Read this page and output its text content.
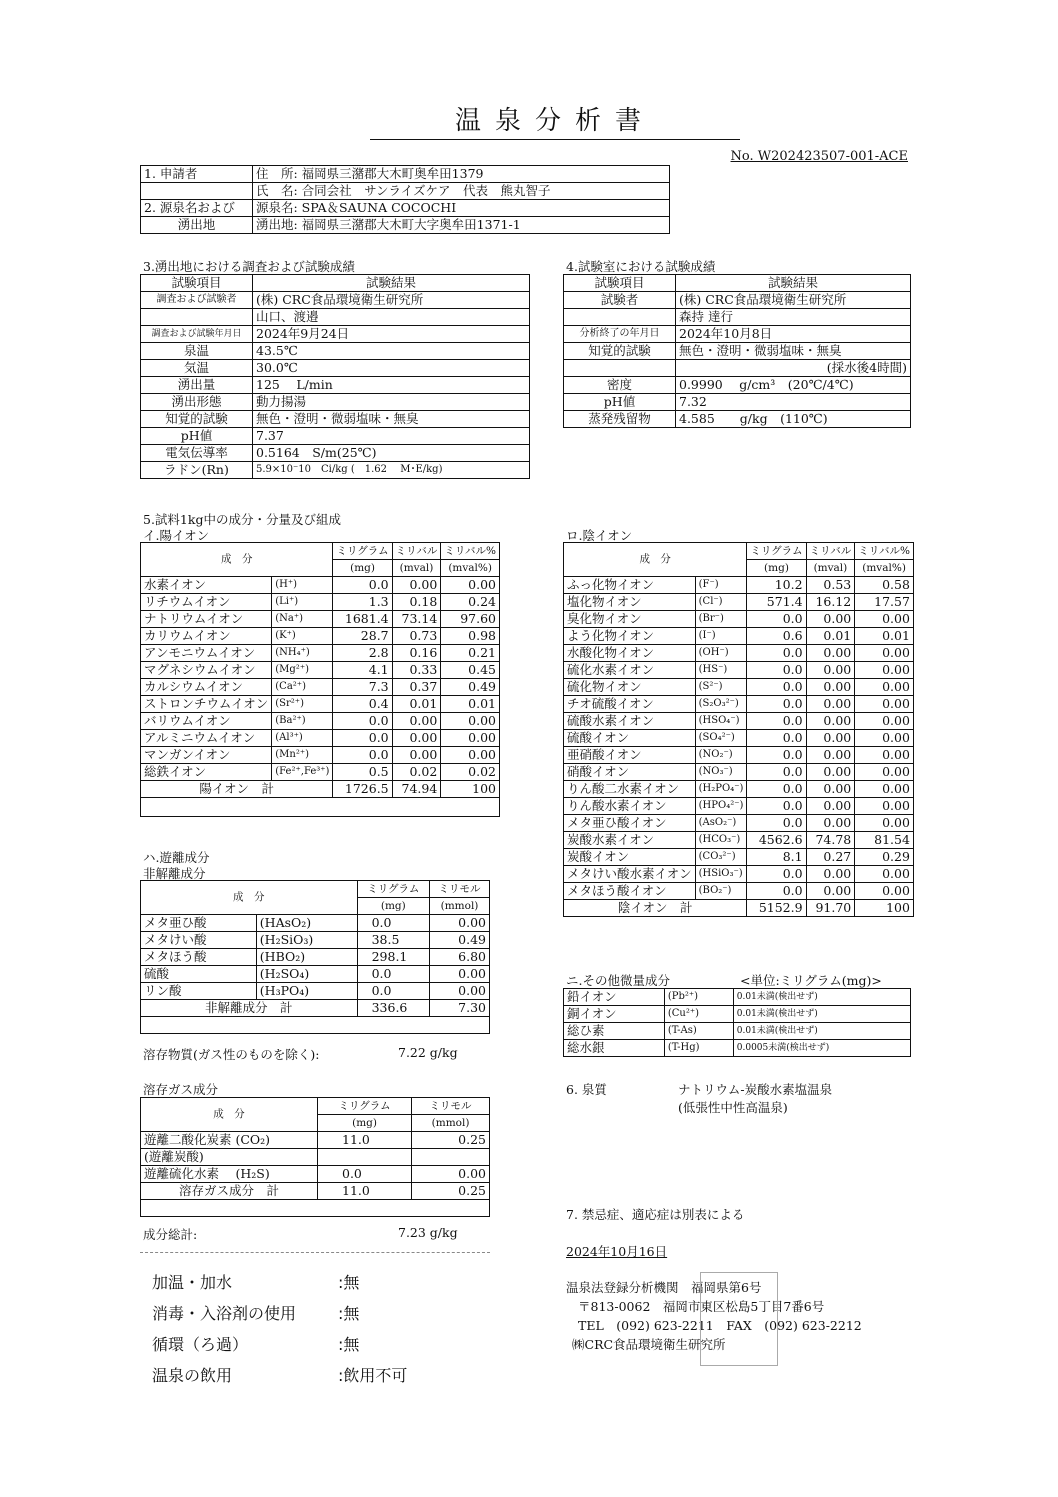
温泉分析書
No. W202423507-001-ACE
1. 申請者	住　所: 福岡県三潴郡大木町奥牟田1379
	氏　名: 合同会社　サンライズケア　代表　熊丸智子
2. 源泉名および	源泉名: SPA＆SAUNA COCOCHI
湧出地	湧出地: 福岡県三潴郡大木町大字奥牟田1371-1
3.湧出地における調査および試験成績
試験項目	試験結果
調査および試験者	(株) CRC食品環境衛生研究所
	山口、渡邉
調査および試験年月日	2024年9月24日
泉温	43.5℃
気温	30.0℃
湧出量	125　 L/min
湧出形態	動力揚湯
知覚的試験	無色・澄明・微弱塩味・無臭
pH値	7.37
電気伝導率	0.5164　S/m(25℃)
ラドン(Rn)	5.9×10⁻10　Ci/kg (　1.62　 M･E/kg)
4.試験室における試験成績
試験項目	試験結果
試験者	(株) CRC食品環境衛生研究所
	森持 達行
分析終了の年月日	2024年10月8日
知覚的試験	無色・澄明・微弱塩味・無臭
	(採水後4時間)
密度	0.9990　 g/cm³　(20℃/4℃)
pH値	7.32
蒸発残留物	4.585　　g/kg　(110℃)
5.試料1kg中の成分・分量及び組成
イ.陽イオン
成　分		ミリグラム	ミリバル	ミリバル%
		(mg)	(mval)	(mval%)
水素イオン	(H⁺)	0.0	0.00	0.00
リチウムイオン	(Li⁺)	1.3	0.18	0.24
ナトリウムイオン	(Na⁺)	1681.4	73.14	97.60
カリウムイオン	(K⁺)	28.7	0.73	0.98
アンモニウムイオン	(NH₄⁺)	2.8	0.16	0.21
マグネシウムイオン	(Mg²⁺)	4.1	0.33	0.45
カルシウムイオン	(Ca²⁺)	7.3	0.37	0.49
ストロンチウムイオン	(Sr²⁺)	0.4	0.01	0.01
バリウムイオン	(Ba²⁺)	0.0	0.00	0.00
アルミニウムイオン	(Al³⁺)	0.0	0.00	0.00
マンガンイオン	(Mn²⁺)	0.0	0.00	0.00
総鉄イオン	(Fe²⁺,Fe³⁺)	0.5	0.02	0.02
陽イオン　計		1726.5	74.94	100

ロ.陰イオン
成　分		ミリグラム	ミリバル	ミリバル%
		(mg)	(mval)	(mval%)
ふっ化物イオン	(F⁻)	10.2	0.53	0.58
塩化物イオン	(Cl⁻)	571.4	16.12	17.57
臭化物イオン	(Br⁻)	0.0	0.00	0.00
よう化物イオン	(I⁻)	0.6	0.01	0.01
水酸化物イオン	(OH⁻)	0.0	0.00	0.00
硫化水素イオン	(HS⁻)	0.0	0.00	0.00
硫化物イオン	(S²⁻)	0.0	0.00	0.00
チオ硫酸イオン	(S₂O₃²⁻)	0.0	0.00	0.00
硫酸水素イオン	(HSO₄⁻)	0.0	0.00	0.00
硫酸イオン	(SO₄²⁻)	0.0	0.00	0.00
亜硝酸イオン	(NO₂⁻)	0.0	0.00	0.00
硝酸イオン	(NO₃⁻)	0.0	0.00	0.00
りん酸二水素イオン	(H₂PO₄⁻)	0.0	0.00	0.00
りん酸水素イオン	(HPO₄²⁻)	0.0	0.00	0.00
メタ亜ひ酸イオン	(AsO₂⁻)	0.0	0.00	0.00
炭酸水素イオン	(HCO₃⁻)	4562.6	74.78	81.54
炭酸イオン	(CO₃²⁻)	8.1	0.27	0.29
メタけい酸水素イオン	(HSiO₃⁻)	0.0	0.00	0.00
メタほう酸イオン	(BO₂⁻)	0.0	0.00	0.00
陰イオン　計		5152.9	91.70	100
ハ.遊離成分
非解離成分
成　分		ミリグラム	ミリモル
		(mg)	(mmol)
メタ亜ひ酸	(HAsO₂)	0.0	0.00
メタけい酸	(H₂SiO₃)	38.5	0.49
メタほう酸	(HBO₂)	298.1	6.80
硫酸	(H₂SO₄)	0.0	0.00
リン酸	(H₃PO₄)	0.0	0.00
非解離成分　計		336.6	7.30

溶存物質(ガス性のものを除く):	7.22 g/kg
溶存ガス成分
成　分	ミリグラム	ミリモル
	(mg)	(mmol)
遊離二酸化炭素 (CO₂)	11.0	0.25
(遊離炭酸)		
遊離硫化水素　 (H₂S)	0.0	0.00
溶存ガス成分　計	11.0	0.25

成分総計:	7.23 g/kg
ニ.その他微量成分	<単位:ミリグラム(mg)>
鉛イオン	(Pb²⁺)	0.01未満(検出せず)
銅イオン	(Cu²⁺)	0.01未満(検出せず)
総ひ素	(T-As)	0.01未満(検出せず)
総水銀	(T-Hg)	0.0005未満(検出せず)
6. 泉質	ナトリウム-炭酸水素塩温泉
(低張性中性高温泉)
7. 禁忌症、適応症は別表による
2024年10月16日
温泉法登録分析機関　福岡県第6号
〒813-0062　福岡市東区松島5丁目7番6号
TEL　(092) 623-2211　FAX　(092) 623-2212
㈱CRC食品環境衛生研究所
加温・加水	:無
消毒・入浴剤の使用	:無
循環（ろ過）	:無
温泉の飲用	:飲用不可
